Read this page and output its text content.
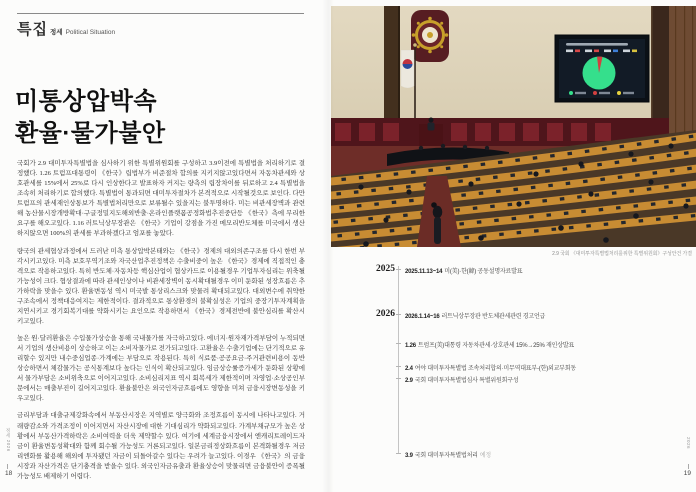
특집 정세 Political Situation
미통상압박속
환율·물가불안

국회가 2.9 대미투자특별법을 심사하기 위한 특별위원회를 구성하고 3.9이전에 특별법을 처리하기로 결정했다. 1.26 트럼프대통령이 《한국》립법부가 비준절차 합의를 지키지않고있다면서 자동차관세와 상호관세를 15%에서 25%로 다시 인상한다고 발표하자 커지는 량측의 립장차이를 뒤로하고 2.4 특별법을 조속히 처리하기로 합의했다. 특별법이 통과되면 대미투자절차가 본격적으로 시작될것으로 보인다. 다만 트럼프의 관세재인상통보가 특별법처리만으로 보류될수 있을지는 불투명하다. 미는 비관세장벽과 관련해 농산물시장개방확대·구글정밀지도해외반출·온라인플랫폼공정화법추진중단등 《한국》측에 무리한 요구를 해오고있다. 1.16 러트닉상무장관은 《한국》기업이 강점을 가진 메모리반도체를 미국에서 생산하지않으면 100%의 관세를 부과하겠다고 엄포를 놓았다.

량국의 관세협상과정에서 드러난 미측 통상압박본태와는 《한국》경제의 대외의존구조를 다시 한번 부각시키고있다. 미측 보호무역기조와 자국산업추진정책은 수출비중이 높은 《한국》경제에 직접적인 충격으로 작용하고있다. 특히 반도체·자동차등 핵심산업이 협상카드로 이용될경우 기업투자심리는 위축될 가능성이 크다. 협상결과에 따라 관세인상이나 비관세장벽이 동시확대될경우 이미 둔화된 성장흐름은 추가하락을 맞을수 있다. 환율변동성 역시 미국발 통상리스크와 맞물려 확대되고있다. 대외변수에 취약한 구조속에서 정책대응여지는 제한적이다. 결과적으로 통상환경의 불확실성은 기업의 중장기투자계획을 지연시키고 경기회복기대를 약화시키는 요인으로 작용하면서 《한국》경제전반에 불안심리를 확산시키고있다.

높은 원·달러환율은 수입물가상승을 통해 국내물가를 자극하고있다. 에너지·원자재가격부담이 누적되면서 기업의 생산비용이 상승하고 이는 소비자물가로 전가되고있다. 고환율은 수출기업에는 단기적으로 유리할수 있지만 내수중심업종·가계에는 부담으로 작용된다. 특히 식료품·공공요금·주거관련비용이 동반상승하면서 체감물가는 공식통계보다 높다는 인식이 확산되고있다. 임금상승률증가세가 둔화된 상황에서 물가부담은 소비위축으로 이어지고있다. 소비심리지표 역시 회복세가 제한적이며 자영업·소상공인부문에서는 매출부진이 길어지고있다. 환율불안은 외국인자금흐름에도 영향을 미쳐 금융시장변동성을 키우고있다.

금리부담과 대출규제강화속에서 부동산시장은 지역별로 양극화와 조정흐름이 동시에 나타나고있다. 거래량감소와 가격조정이 이어지면서 자산시장에 대한 기대심리가 약화되고있다. 가계부채규모가 높은 상황에서 부동산가격하락은 소비여력을 더욱 제약할수 있다. 여기에 세계금융시장에서 엔캐리트레이드자금이 환율변동성확대와 함께 회수될 가능성도 거론되고있다. 일본금리정상화흐름이 본격화될경우 저금리엔화를 활용해 해외에 투자됐던 자금이 되돌아갈수 있다는 우려가 늘고있다. 이경우 《한국》의 금융시장과 자산가격은 단기충격을 받을수 있다. 외국인자금유출과 환율상승이 맞물리면 금융불안이 증폭될 가능성도 배제하기 어렵다.

2.9 국회 《대미투자특별법처리를위한 특별위원회》구성안건 가결
2025
2026
2025.11.13~14 미(美)·한(韓) 공동설명자료발표
2026.1.14~16 러트닉상무장관 반도체관세관련 경고언급
1.26 트럼프(美)대통령 자동차관세·상호관세 15%→25% 재인상발표
2.4 여야 대미투자특별법 조속처리합의·미무역대표부-(한)외교부회동
2.9 국회 대미투자특별법심사 특별위원회구성
3.9 국회 대미투자특별법처리 예정
정세 2026
18
2026
19
